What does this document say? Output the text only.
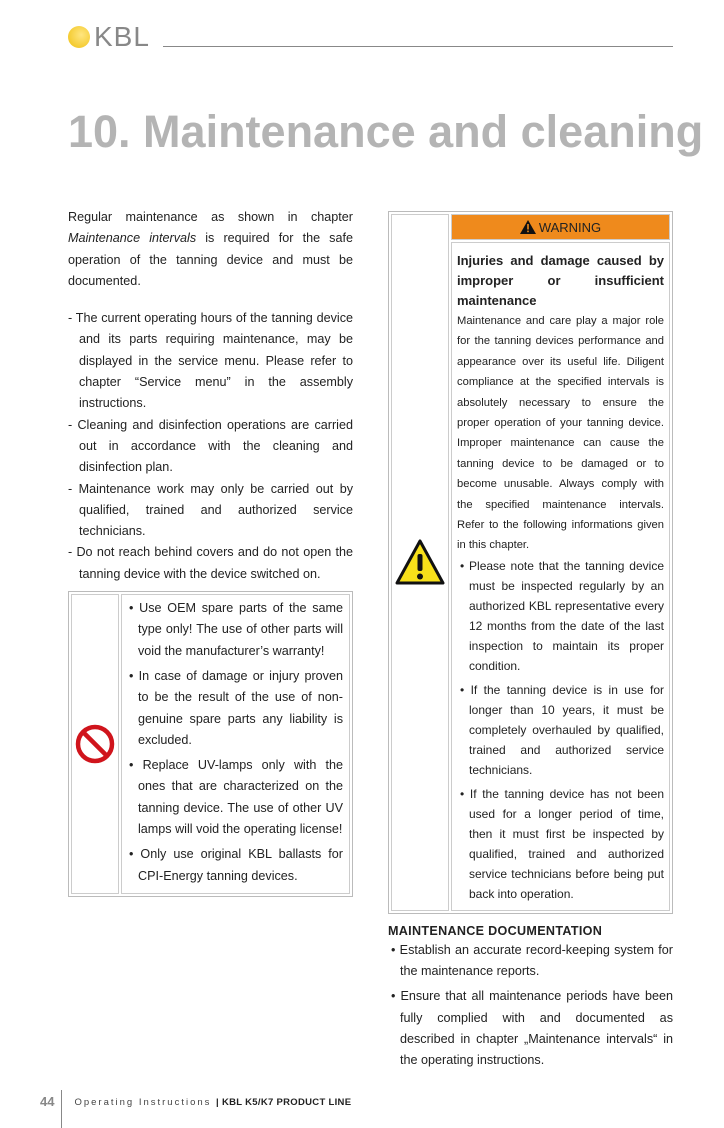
KBL
10. Maintenance and cleaning

Regular maintenance as shown in chapter Maintenance intervals is required for the safe operation of the tanning device and must be documented.

- The current operating hours of the tanning device and its parts requiring maintenance, may be displayed in the service menu. Please refer to chapter “Service menu” in the assembly instructions.
- Cleaning and disinfection operations are carried out in accordance with the cleaning and disinfection plan.
- Maintenance work may only be carried out by qualified, trained and authorized service technicians.
- Do not reach behind covers and do not open the tanning device with the device switched on.
• Use OEM spare parts of the same type only! The use of other parts will void the manufacturer’s warranty!
• In case of damage or injury proven to be the result of the use of non-genuine spare parts any liability is excluded.
• Replace UV-lamps only with the ones that are characterized on the tanning device. The use of other UV lamps will void the operating license!
• Only use original KBL ballasts for CPI-Energy tanning devices.
WARNING

Injuries and damage caused by improper or insufficient maintenance

Maintenance and care play a major role for the tanning devices performance and appearance over its useful life. Diligent compliance at the specified intervals is absolutely necessary to ensure the proper operation of your tanning device. Improper maintenance can cause the tanning device to be damaged or to become unusable. Always comply with the specified maintenance intervals. Refer to the following informations given in this chapter.

• Please note that the tanning device must be inspected regularly by an authorized KBL representative every 12 months from the date of the last inspection to maintain its proper condition.
• If the tanning device is in use for longer than 10 years, it must be completely overhauled by qualified, trained and authorized service technicians.
• If the tanning device has not been used for a longer period of time, then it must first be inspected by qualified, trained and authorized service technicians before being put back into operation.
MAINTENANCE DOCUMENTATION
• Establish an accurate record-keeping system for the maintenance reports.
• Ensure that all maintenance periods have been fully complied with and documented as described in chapter „Maintenance intervals“ in the operating instructions.
44 Operating Instructions | KBL K5/K7 PRODUCT LINE
